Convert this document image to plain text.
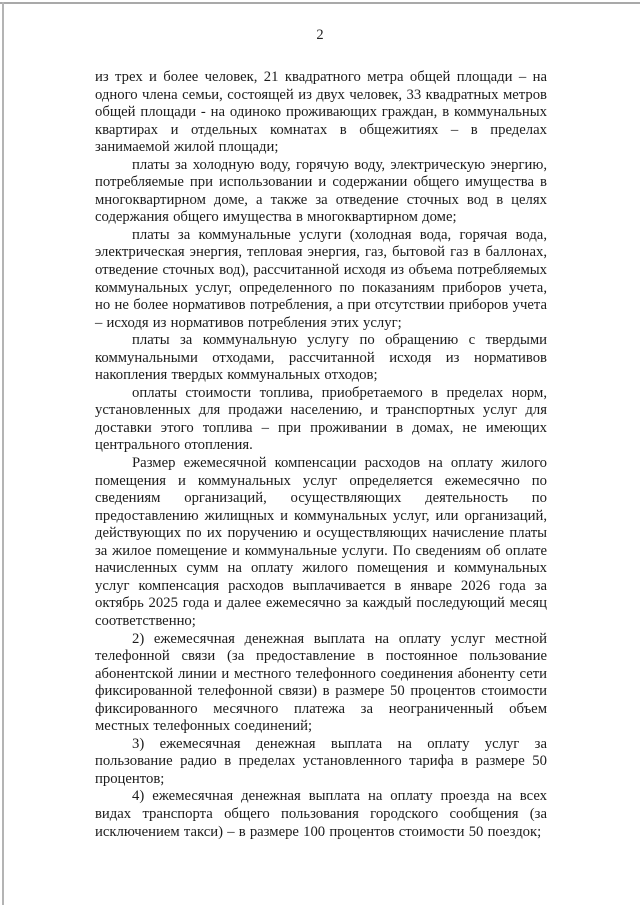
2

из трех и более человек, 21 квадратного метра общей площади – на одного члена семьи, состоящей из двух человек, 33 квадратных метров общей площади - на одиноко проживающих граждан, в коммунальных квартирах и отдельных комнатах в общежитиях – в пределах занимаемой жилой площади;

платы за холодную воду, горячую воду, электрическую энергию, потребляемые при использовании и содержании общего имущества в многоквартирном доме, а также за отведение сточных вод в целях содержания общего имущества в многоквартирном доме;

платы за коммунальные услуги (холодная вода, горячая вода, электрическая энергия, тепловая энергия, газ, бытовой газ в баллонах, отведение сточных вод), рассчитанной исходя из объема потребляемых коммунальных услуг, определенного по показаниям приборов учета, но не более нормативов потребления, а при отсутствии приборов учета – исходя из нормативов потребления этих услуг;

платы за коммунальную услугу по обращению с твердыми коммунальными отходами, рассчитанной исходя из нормативов накопления твердых коммунальных отходов;

оплаты стоимости топлива, приобретаемого в пределах норм, установленных для продажи населению, и транспортных услуг для доставки этого топлива – при проживании в домах, не имеющих центрального отопления.

Размер ежемесячной компенсации расходов на оплату жилого помещения и коммунальных услуг определяется ежемесячно по сведениям организаций, осуществляющих деятельность по предоставлению жилищных и коммунальных услуг, или организаций, действующих по их поручению и осуществляющих начисление платы за жилое помещение и коммунальные услуги. По сведениям об оплате начисленных сумм на оплату жилого помещения и коммунальных услуг компенсация расходов выплачивается в январе 2026 года за октябрь 2025 года и далее ежемесячно за каждый последующий месяц соответственно;

2) ежемесячная денежная выплата на оплату услуг местной телефонной связи (за предоставление в постоянное пользование абонентской линии и местного телефонного соединения абоненту сети фиксированной телефонной связи) в размере 50 процентов стоимости фиксированного месячного платежа за неограниченный объем местных телефонных соединений;

3) ежемесячная денежная выплата на оплату услуг за пользование радио в пределах установленного тарифа в размере 50 процентов;

4) ежемесячная денежная выплата на оплату проезда на всех видах транспорта общего пользования городского сообщения (за исключением такси) – в размере 100 процентов стоимости 50 поездок;
